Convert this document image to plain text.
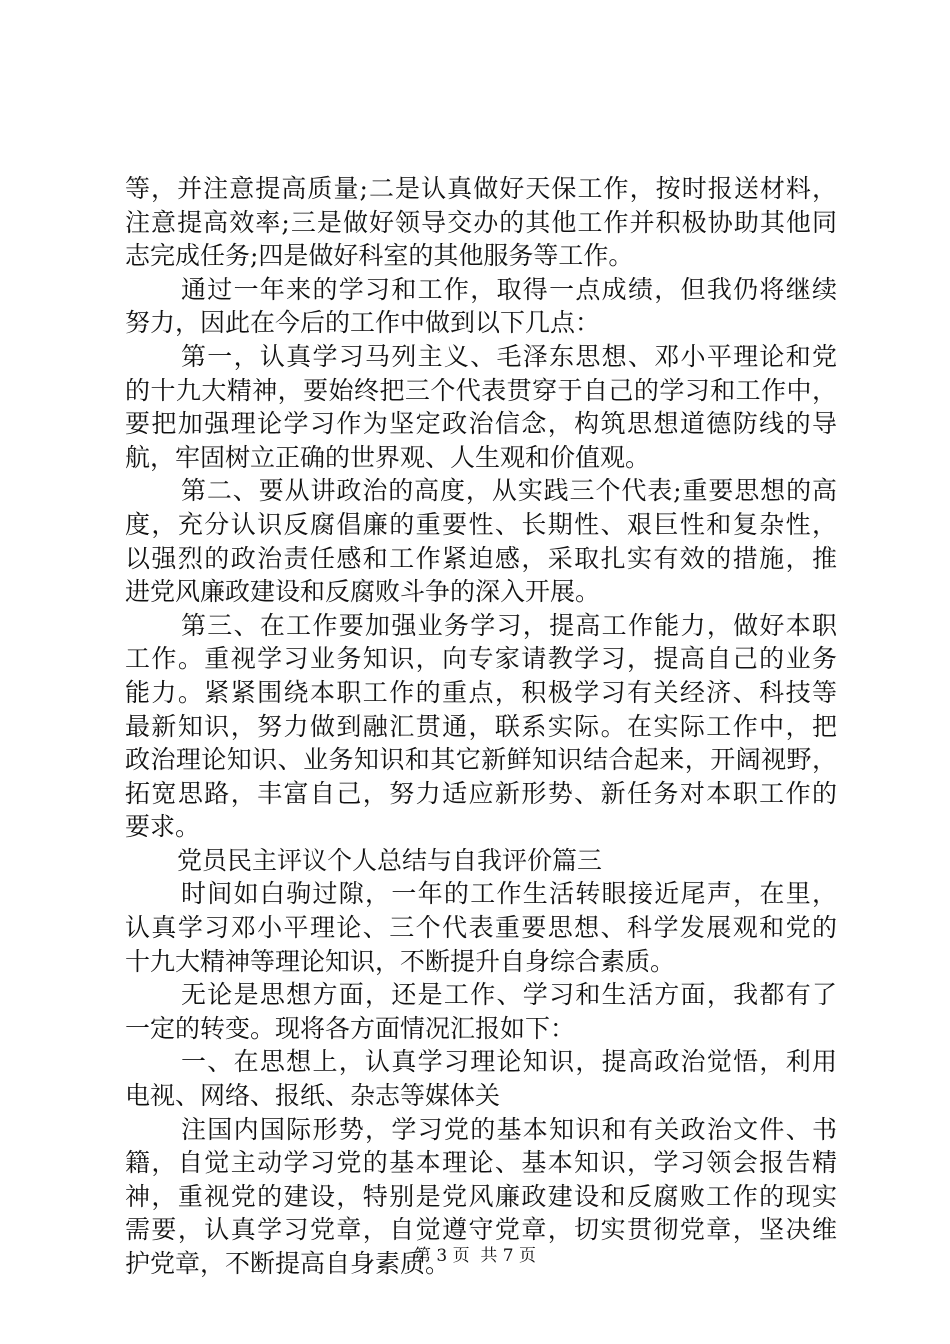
等，并注意提高质量;二是认真做好天保工作，按时报送材料，
注意提高效率;三是做好领导交办的其他工作并积极协助其他同
志完成任务;四是做好科室的其他服务等工作。
通过一年来的学习和工作，取得一点成绩，但我仍将继续
努力，因此在今后的工作中做到以下几点：
第一，认真学习马列主义、毛泽东思想、邓小平理论和党
的十九大精神，要始终把三个代表贯穿于自己的学习和工作中，
要把加强理论学习作为坚定政治信念，构筑思想道德防线的导
航，牢固树立正确的世界观、人生观和价值观。
第二、要从讲政治的高度，从实践三个代表;重要思想的高
度，充分认识反腐倡廉的重要性、长期性、艰巨性和复杂性，
以强烈的政治责任感和工作紧迫感，采取扎实有效的措施，推
进党风廉政建设和反腐败斗争的深入开展。
第三、在工作要加强业务学习，提高工作能力，做好本职
工作。重视学习业务知识，向专家请教学习，提高自己的业务
能力。紧紧围绕本职工作的重点，积极学习有关经济、科技等
最新知识，努力做到融汇贯通，联系实际。在实际工作中，把
政治理论知识、业务知识和其它新鲜知识结合起来，开阔视野，
拓宽思路，丰富自己，努力适应新形势、新任务对本职工作的
要求。
党员民主评议个人总结与自我评价篇三
时间如白驹过隙，一年的工作生活转眼接近尾声，在里，
认真学习邓小平理论、三个代表重要思想、科学发展观和党的
十九大精神等理论知识，不断提升自身综合素质。
无论是思想方面，还是工作、学习和生活方面，我都有了
一定的转变。现将各方面情况汇报如下：
一、在思想上，认真学习理论知识，提高政治觉悟，利用
电视、网络、报纸、杂志等媒体关
注国内国际形势，学习党的基本知识和有关政治文件、书
籍，自觉主动学习党的基本理论、基本知识，学习领会报告精
神，重视党的建设，特别是党风廉政建设和反腐败工作的现实
需要，认真学习党章，自觉遵守党章，切实贯彻党章，坚决维
护党章，不断提高自身素质。
第 3 页  共 7 页
